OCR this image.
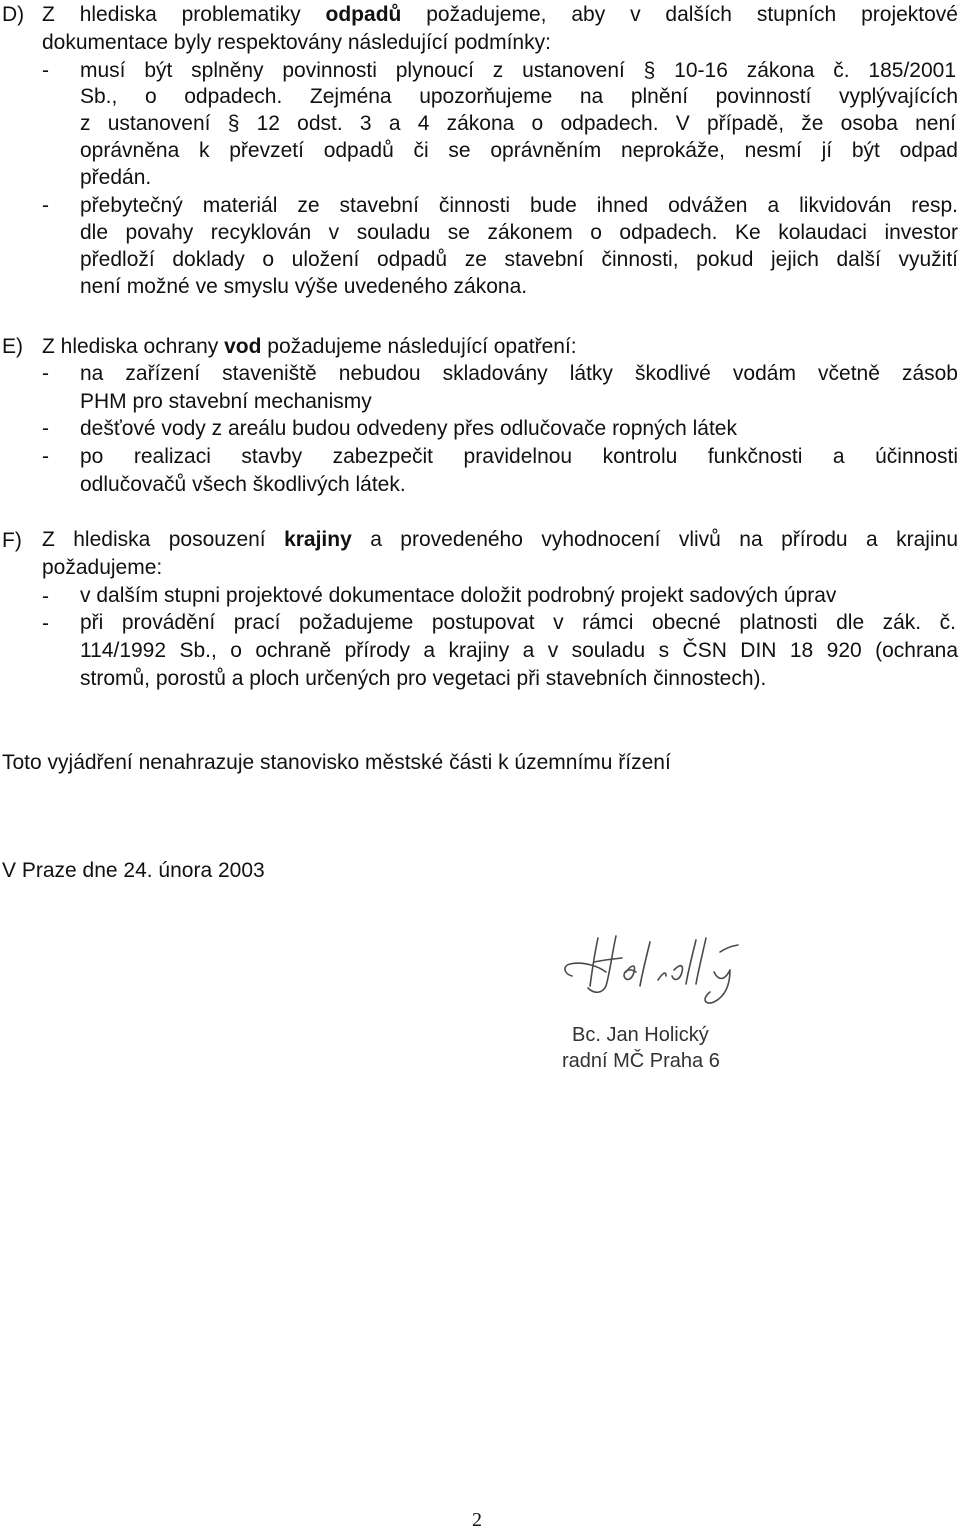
D) Z hlediska problematiky odpadů požadujeme, aby v dalších stupních projektové
dokumentace byly respektovány následující podmínky:
- musí být splněny povinnosti plynoucí z ustanovení § 10-16 zákona č. 185/2001
Sb., o odpadech. Zejména upozorňujeme na plnění povinností vyplývajících
z ustanovení § 12 odst. 3 a 4 zákona o odpadech. V případě, že osoba není
oprávněna k převzetí odpadů či se oprávněním neprokáže, nesmí jí být odpad
předán.
- přebytečný materiál ze stavební činnosti bude ihned odvážen a likvidován resp.
dle povahy recyklován v souladu se zákonem o odpadech. Ke kolaudaci investor
předloží doklady o uložení odpadů ze stavební činnosti, pokud jejich další využití
není možné ve smyslu výše uvedeného zákona.
E) Z hlediska ochrany vod požadujeme následující opatření:
- na zařízení staveniště nebudou skladovány látky škodlivé vodám včetně zásob
PHM pro stavební mechanismy
- dešťové vody z areálu budou odvedeny přes odlučovače ropných látek
- po realizaci stavby zabezpečit pravidelnou kontrolu funkčnosti a účinnosti
odlučovačů všech škodlivých látek.
F) Z hlediska posouzení krajiny a provedeného vyhodnocení vlivů na přírodu a krajinu
požadujeme:
- v dalším stupni projektové dokumentace doložit podrobný projekt sadových úprav
- při provádění prací požadujeme postupovat v rámci obecné platnosti dle zák. č.
114/1992 Sb., o ochraně přírody a krajiny a v souladu s ČSN DIN 18 920 (ochrana
stromů, porostů a ploch určených pro vegetaci při stavebních činnostech).
Toto vyjádření nenahrazuje stanovisko městské části k územnímu řízení
V Praze dne 24. února 2003
Bc. Jan Holický
radní MČ Praha 6
2
